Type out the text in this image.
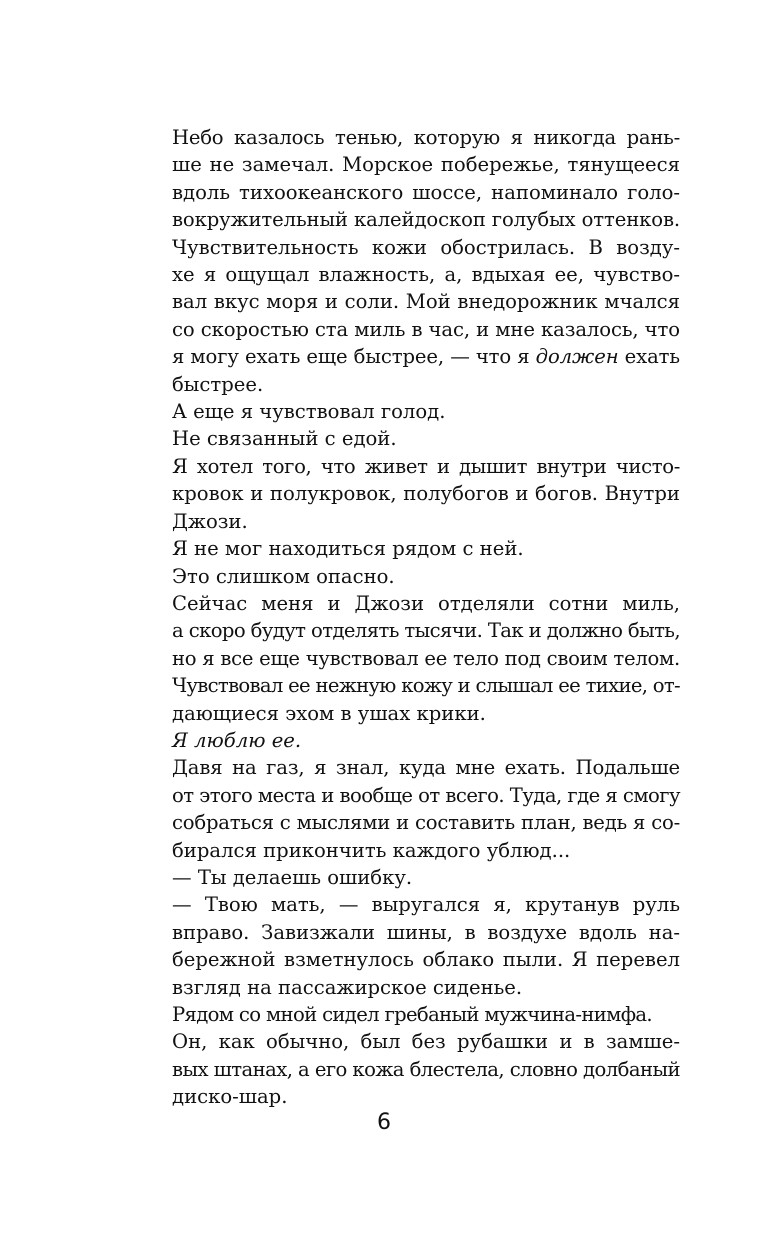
Небо казалось тенью, которую я никогда рань-
ше не замечал. Морское побережье, тянущееся
вдоль тихоокеанского шоссе, напоминало голо-
вокружительный калейдоскоп голубых оттенков.
Чувствительность кожи обострилась. В возду-
хе я ощущал влажность, а, вдыхая ее, чувство-
вал вкус моря и соли. Мой внедорожник мчался
со скоростью ста миль в час, и мне казалось, что
я могу ехать еще быстрее, — что я должен ехать
быстрее.
А еще я чувствовал голод.
Не связанный с едой.
Я хотел того, что живет и дышит внутри чисто-
кровок и полукровок, полубогов и богов. Внутри
Джози.
Я не мог находиться рядом с ней.
Это слишком опасно.
Сейчас меня и Джози отделяли сотни миль,
а скоро будут отделять тысячи. Так и должно быть,
но я все еще чувствовал ее тело под своим телом.
Чувствовал ее нежную кожу и слышал ее тихие, от-
дающиеся эхом в ушах крики.
Я люблю ее.
Давя на газ, я знал, куда мне ехать. Подальше
от этого места и вообще от всего. Туда, где я смогу
собраться с мыслями и составить план, ведь я со-
бирался прикончить каждого ублюд...
— Ты делаешь ошибку.
— Твою мать, — выругался я, крутанув руль
вправо. Завизжали шины, в воздухе вдоль на-
бережной взметнулось облако пыли. Я перевел
взгляд на пассажирское сиденье.
Рядом со мной сидел гребаный мужчина-нимфа.
Он, как обычно, был без рубашки и в замше-
вых штанах, а его кожа блестела, словно долбаный
диско-шар.
6
